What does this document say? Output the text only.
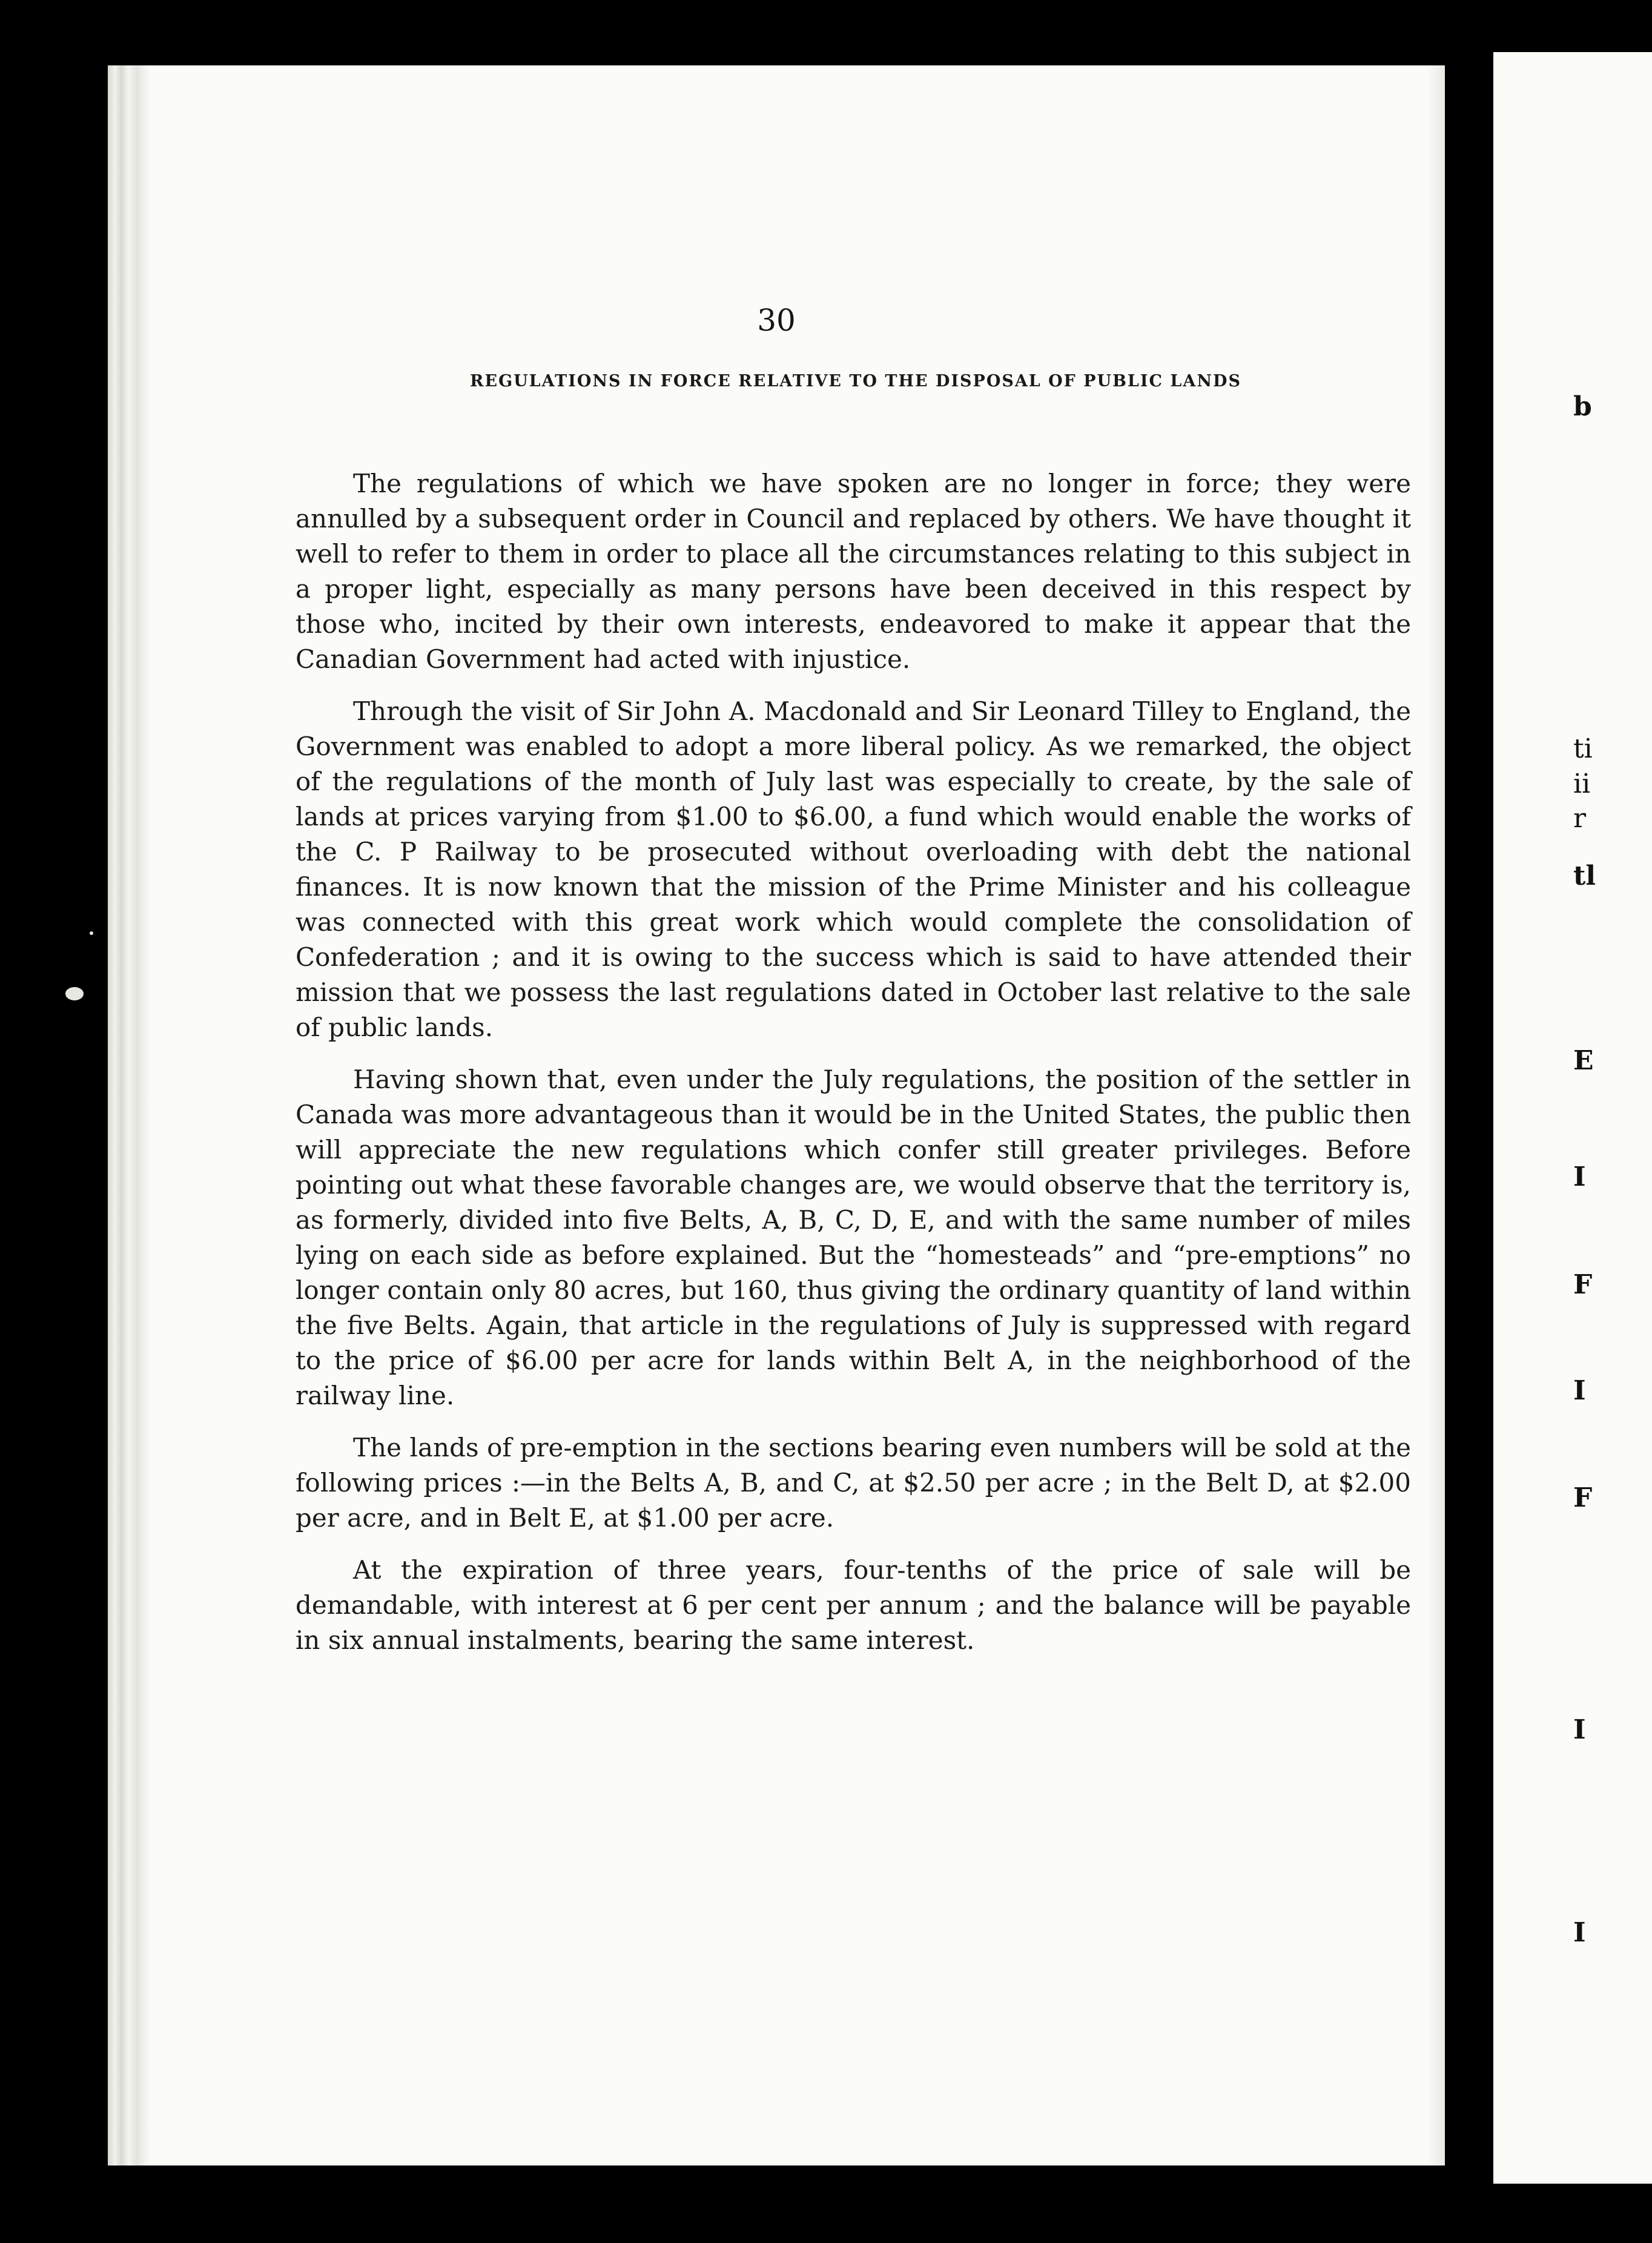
30
REGULATIONS IN FORCE RELATIVE TO THE DISPOSAL OF PUBLIC LANDS

The regulations of which we have spoken are no longer in force; they were annulled by a subsequent order in Council and replaced by others. We have thought it well to refer to them in order to place all the circumstances relating to this subject in a proper light, especially as many persons have been deceived in this respect by those who, incited by their own interests, endeavored to make it appear that the Canadian Government had acted with injustice.

Through the visit of Sir John A. Macdonald and Sir Leonard Tilley to England, the Government was enabled to adopt a more liberal policy. As we remarked, the object of the regulations of the month of July last was especially to create, by the sale of lands at prices varying from $1.00 to $6.00, a fund which would enable the works of the C. P Railway to be prosecuted without overloading with debt the national finances. It is now known that the mission of the Prime Minister and his colleague was connected with this great work which would complete the consolidation of Confederation ; and it is owing to the success which is said to have attended their mission that we possess the last regulations dated in October last relative to the sale of public lands.

Having shown that, even under the July regulations, the position of the settler in Canada was more advantageous than it would be in the United States, the public then will appreciate the new regulations which confer still greater privileges. Before pointing out what these favorable changes are, we would observe that the territory is, as formerly, divided into five Belts, A, B, C, D, E, and with the same number of miles lying on each side as before explained. But the “homesteads” and “pre-emptions” no longer contain only 80 acres, but 160, thus giving the ordinary quantity of land within the five Belts. Again, that article in the regulations of July is suppressed with regard to the price of $6.00 per acre for lands within Belt A, in the neighborhood of the railway line.

The lands of pre-emption in the sections bearing even numbers will be sold at the following prices :—in the Belts A, B, and C, at $2.50 per acre ; in the Belt D, at $2.00 per acre, and in Belt E, at $1.00 per acre.

At the expiration of three years, four-tenths of the price of sale will be demandable, with interest at 6 per cent per annum ; and the balance will be payable in six annual instalments, bearing the same interest.

b
ti
ii
r
tl
E
I
F
I
F
I
I
